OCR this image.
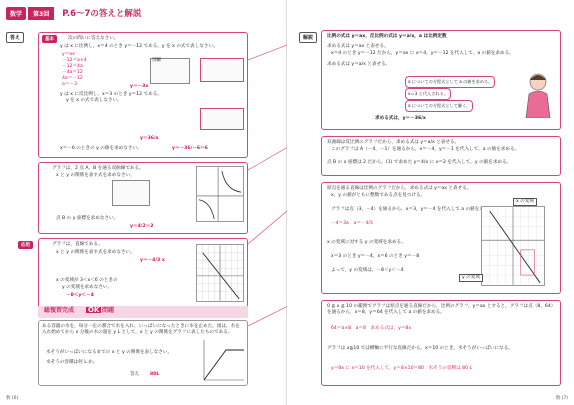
数学	第3回	P.6～7の答えと解説
答え	基本	次の問いに答えなさい。
y は x に比例し，x＝4 のとき y＝－12 である。y を x の式で表しなさい。
y＝ax
－12＝a×4
－12＝4a
－4a＝12
4a＝－12
a＝－3	y＝－3x
別解
y は x に反比例し，x＝3 のとき y＝12 である。
y を x の式で表しなさい。
y＝36/x
x＝－6 のときの y の値を求めなさい。	y＝－36/－6＝6
グラフは，2 点 A，B を通る双曲線である。
x と y の関係を表す式を求めなさい。
点 B の y 座標を求めなさい。
y＝4/2＝2
応用	グラフは，直線である。
x と y の関係を表す式を求めなさい。
y＝－4/3 x
x の変域が 3＜x＜6 のときの
y の変域を求めなさい。
－8＜y＜－4
総復習完成 OK 問題
ある容器の水を，毎分一定の割合で水を入れ，いっぱいになったときに水を止めた。図は，水を入れ始めてから x 分後の水の量を y L として，x と y の関係をグラフに表したものである。
水そうがいっぱいになるまでの x と y の関係を表しなさい。
水そうの容積は何 L か。
答え 80L
数 (6)
解説	比例の式は y＝ax，反比例の式は y＝a/x，a は比例定数
求める式は y＝ax と表せる。
x＝4 のとき y＝－12 だから，y＝ax に x＝4，y＝－12 を代入して，a の値を求める。
求める式は y＝a/x と表せる。
a についての方程式として a の値を求める。
x＝3 と代入される。
a についての方程式として解く。
求める式は，y＝－36/x
双曲線は反比例のグラフだから，求める式は y＝a/x と表せる。
このグラフは A（－4，－1）を通るから，x＝－4，y＝－1 を代入して，a の値を求める。
点 B の x 座標は 2 だから，(1) で求めた y＝4/x に x＝2 を代入して，y の値を求める。
原点を通る直線は比例のグラフだから，求める式は y＝ax と表せる。
x，y の値がともに整数である点を見つける。
グラフは点（3，－4）を通るから，x＝3，y＝－4 を代入して a の値を求める。
－4＝3a　a＝－4/3
x の変域に対する y の変域を求める。
x＝3 のとき y＝－4，x＝6 のとき y＝－8
よって，y の変域は，－8＜y＜－4
x の変域
y の変域
0 ≦ x ≦ 10 の範囲でグラフは原点を通る直線だから，比例のグラフ。y＝ax とすると，グラフは点（8，64）を通るから，x＝8，y＝64 を代入して a の値を求める。
64＝a×8　a＝8　求める式は，y＝8x
グラフは x≧10 では横軸に平行な直線だから，x＝10 のとき，水そうがいっぱいになる。
y＝8x に x＝10 を代入して，y＝8×10＝80　水そうの容積は 80 L
数 (7)
